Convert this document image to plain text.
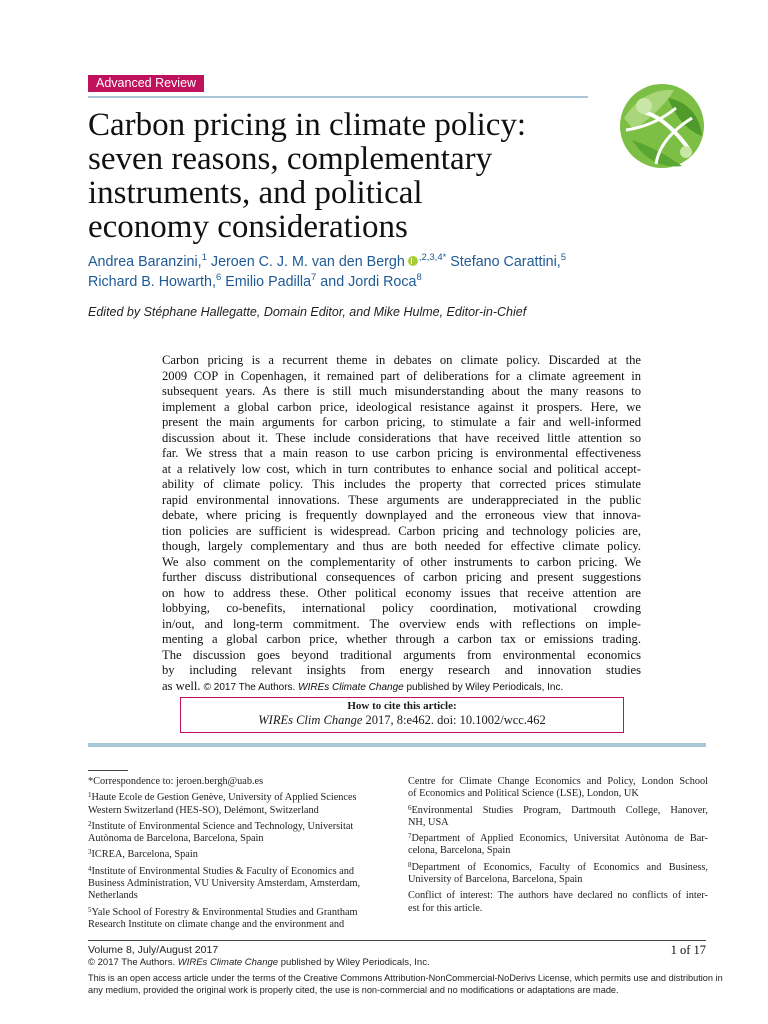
Advanced Review
Carbon pricing in climate policy:
seven reasons, complementary
instruments, and political
economy considerations
Andrea Baranzini,$^1$ Jeroen C. J. M. van den Bergh $^{,2,3,4*}$ Stefano Carattini,$^5$
Richard B. Howarth,$^6$ Emilio Padilla$^7$ and Jordi Roca$^8$
Edited by Stéphane Hallegatte, Domain Editor, and Mike Hulme, Editor-in-Chief
Carbon pricing is a recurrent theme in debates on climate policy. Discarded at the
2009 COP in Copenhagen, it remained part of deliberations for a climate agreement in
subsequent years. As there is still much misunderstanding about the many reasons to
implement a global carbon price, ideological resistance against it prospers. Here, we
present the main arguments for carbon pricing, to stimulate a fair and well-informed
discussion about it. These include considerations that have received little attention so
far. We stress that a main reason to use carbon pricing is environmental effectiveness
at a relatively low cost, which in turn contributes to enhance social and political accept-
ability of climate policy. This includes the property that corrected prices stimulate
rapid environmental innovations. These arguments are underappreciated in the public
debate, where pricing is frequently downplayed and the erroneous view that innova-
tion policies are sufficient is widespread. Carbon pricing and technology policies are,
though, largely complementary and thus are both needed for effective climate policy.
We also comment on the complementarity of other instruments to carbon pricing. We
further discuss distributional consequences of carbon pricing and present suggestions
on how to address these. Other political economy issues that receive attention are
lobbying, co-benefits, international policy coordination, motivational crowding
in/out, and long-term commitment. The overview ends with reflections on imple-
menting a global carbon price, whether through a carbon tax or emissions trading.
The discussion goes beyond traditional arguments from environmental economics
by including relevant insights from energy research and innovation studies
as well. © 2017 The Authors. WIREs Climate Change published by Wiley Periodicals, Inc.
How to cite this article:
WIREs Clim Change 2017, 8:e462. doi: 10.1002/wcc.462
*Correspondence to: jeroen.bergh@uab.es
$^1$Haute Ecole de Gestion Genève, University of Applied Sciences
Western Switzerland (HES-SO), Delémont, Switzerland
$^2$Institute of Environmental Science and Technology, Universitat
Autònoma de Barcelona, Barcelona, Spain
$^3$ICREA, Barcelona, Spain
$^4$Institute of Environmental Studies & Faculty of Economics and
Business Administration, VU University Amsterdam, Amsterdam,
Netherlands
$^5$Yale School of Forestry & Environmental Studies and Grantham
Research Institute on climate change and the environment and
Centre for Climate Change Economics and Policy, London School
of Economics and Political Science (LSE), London, UK
$^6$Environmental Studies Program, Dartmouth College, Hanover,
NH, USA
$^7$Department of Applied Economics, Universitat Autònoma de Bar-
celona, Barcelona, Spain
$^8$Department of Economics, Faculty of Economics and Business,
University of Barcelona, Barcelona, Spain
Conflict of interest: The authors have declared no conflicts of inter-
est for this article.
Volume 8, July/August 2017
© 2017 The Authors. WIREs Climate Change published by Wiley Periodicals, Inc.
1 of 17
This is an open access article under the terms of the Creative Commons Attribution-NonCommercial-NoDerivs License, which permits use and distribution in
any medium, provided the original work is properly cited, the use is non-commercial and no modifications or adaptations are made.
